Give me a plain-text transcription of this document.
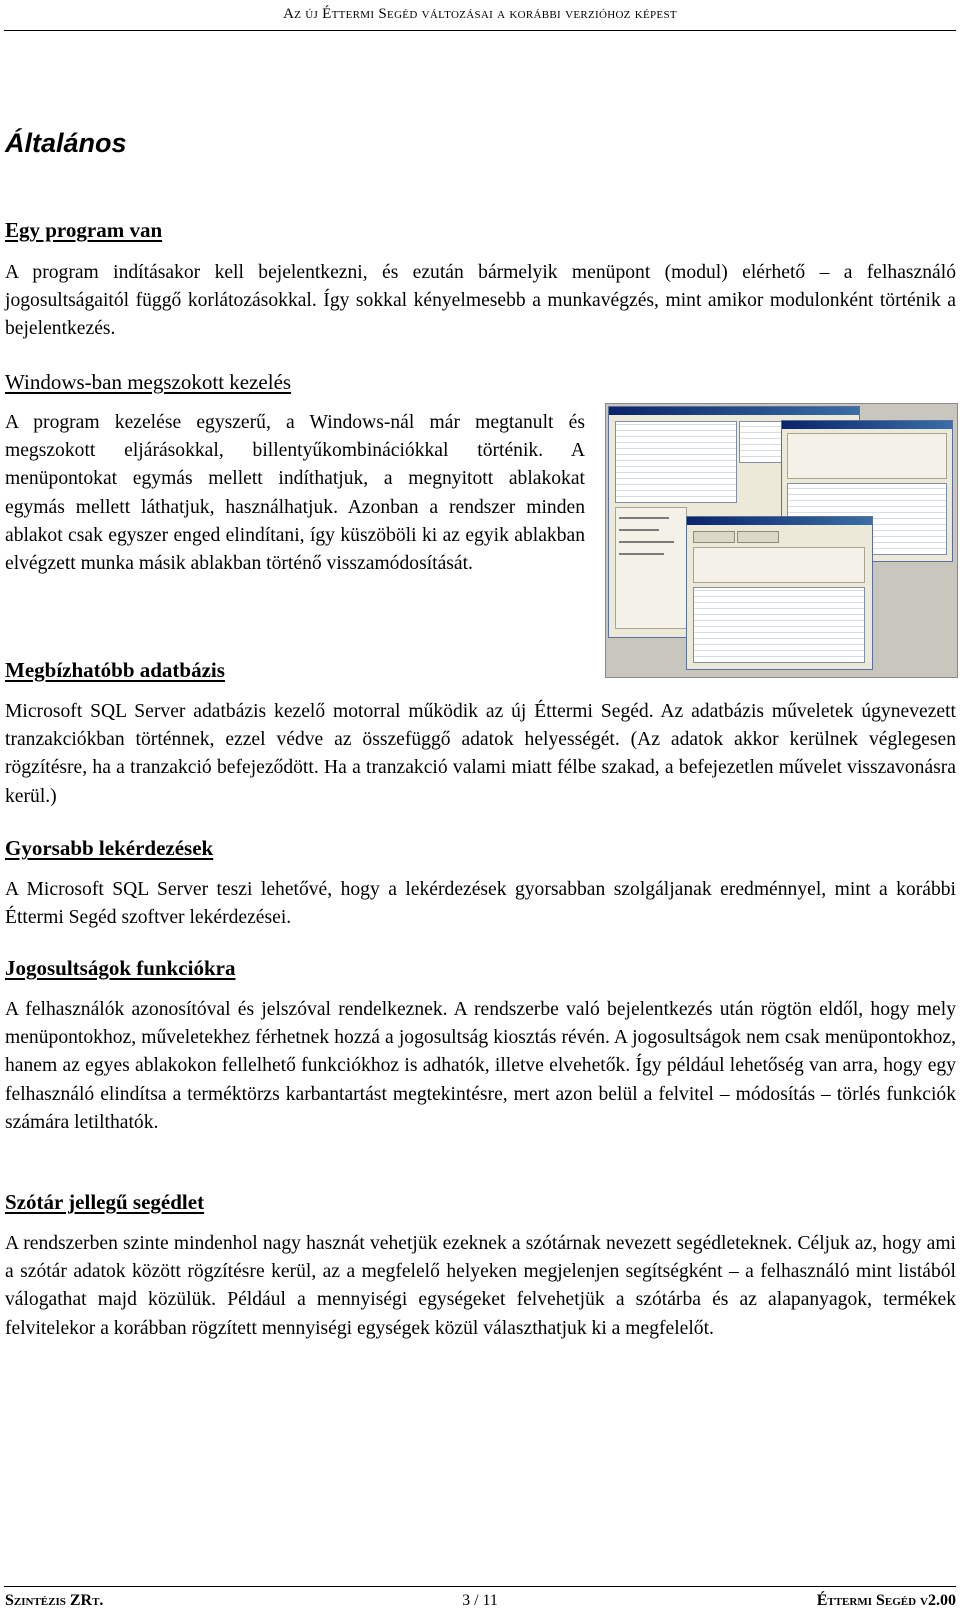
Az új Éttermi Segéd változásai a korábbi verzióhoz képest
Általános
Egy program van

A program indításakor kell bejelentkezni, és ezután bármelyik menüpont (modul) elérhető – a felhasználó jogosultságaitól függő korlátozásokkal. Így sokkal kényelmesebb a munkavégzés, mint amikor modulonként történik a bejelentkezés.

Windows-ban megszokott kezelés

A program kezelése egyszerű, a Windows-nál már megtanult és megszokott eljárásokkal, billentyűkombinációkkal történik. A menüpontokat egymás mellett indíthatjuk, a megnyitott ablakokat egymás mellett láthatjuk, használhatjuk. Azonban a rendszer minden ablakot csak egyszer enged elindítani, így küszöböli ki az egyik ablakban elvégzett munka másik ablakban történő visszamódosítását.

Megbízhatóbb adatbázis

Microsoft SQL Server adatbázis kezelő motorral működik az új Éttermi Segéd. Az adatbázis műveletek úgynevezett tranzakciókban történnek, ezzel védve az összefüggő adatok helyességét. (Az adatok akkor kerülnek véglegesen rögzítésre, ha a tranzakció befejeződött. Ha a tranzakció valami miatt félbe szakad, a befejezetlen művelet visszavonásra kerül.)

Gyorsabb lekérdezések

A Microsoft SQL Server teszi lehetővé, hogy a lekérdezések gyorsabban szolgáljanak eredménnyel, mint a korábbi Éttermi Segéd szoftver lekérdezései.

Jogosultságok funkciókra

A felhasználók azonosítóval és jelszóval rendelkeznek. A rendszerbe való bejelentkezés után rögtön eldől, hogy mely menüpontokhoz, műveletekhez férhetnek hozzá a jogosultság kiosztás révén. A jogosultságok nem csak menüpontokhoz, hanem az egyes ablakokon fellelhető funkciókhoz is adhatók, illetve elvehetők. Így például lehetőség van arra, hogy egy felhasználó elindítsa a terméktörzs karbantartást megtekintésre, mert azon belül a felvitel – módosítás – törlés funkciók számára letilthatók.

Szótár jellegű segédlet

A rendszerben szinte mindenhol nagy hasznát vehetjük ezeknek a szótárnak nevezett segédleteknek. Céljuk az, hogy ami a szótár adatok között rögzítésre kerül, az a megfelelő helyeken megjelenjen segítségként – a felhasználó mint listából válogathat majd közülük. Például a mennyiségi egységeket felvehetjük a szótárba és az alapanyagok, termékek felvitelekor a korábban rögzített mennyiségi egységek közül választhatjuk ki a megfelelőt.

Szintézis ZRt.	3 / 11	Éttermi Segéd v2.00
